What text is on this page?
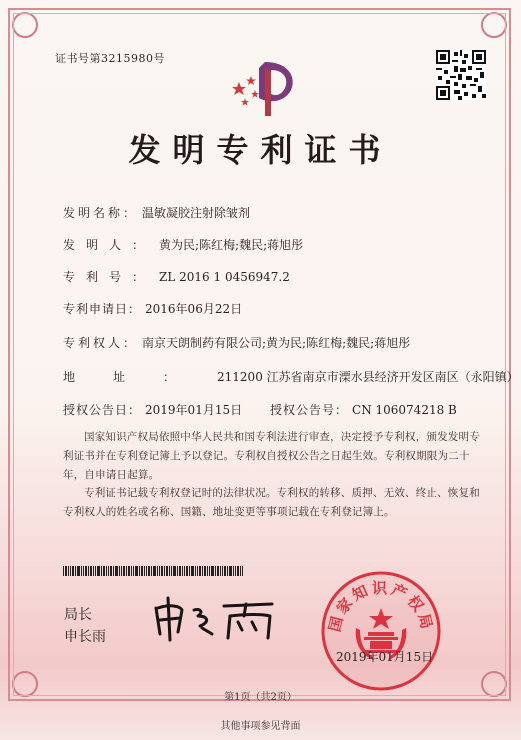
证书号第3215980号
发明专利证书
发明名称： 温敏凝胶注射除皱剂
发明人： 黄为民;陈红梅;魏民;蒋旭彤
专利号： ZL 2016 1 0456947.2
专利申请日： 2016年06月22日
专利权人： 南京天朗制药有限公司;黄为民;陈红梅;魏民;蒋旭彤
地址： 211200 江苏省南京市溧水县经济开发区南区（永阳镇）
授权公告日： 2019年01月15日 授权公告号： CN 106074218 B
国家知识产权局依照中华人民共和国专利法进行审查，决定授予专利权，颁发发明专利证书并在专利登记簿上予以登记。专利权自授权公告之日起生效。专利权期限为二十年，自申请日起算。
专利证书记载专利权登记时的法律状况。专利权的转移、质押、无效、终止、恢复和专利权人的姓名或名称、国籍、地址变更等事项记载在专利登记簿上。
局长
申长雨
国家知识产权局
2019年01月15日
第1页（共2页）
其他事项参见背面
